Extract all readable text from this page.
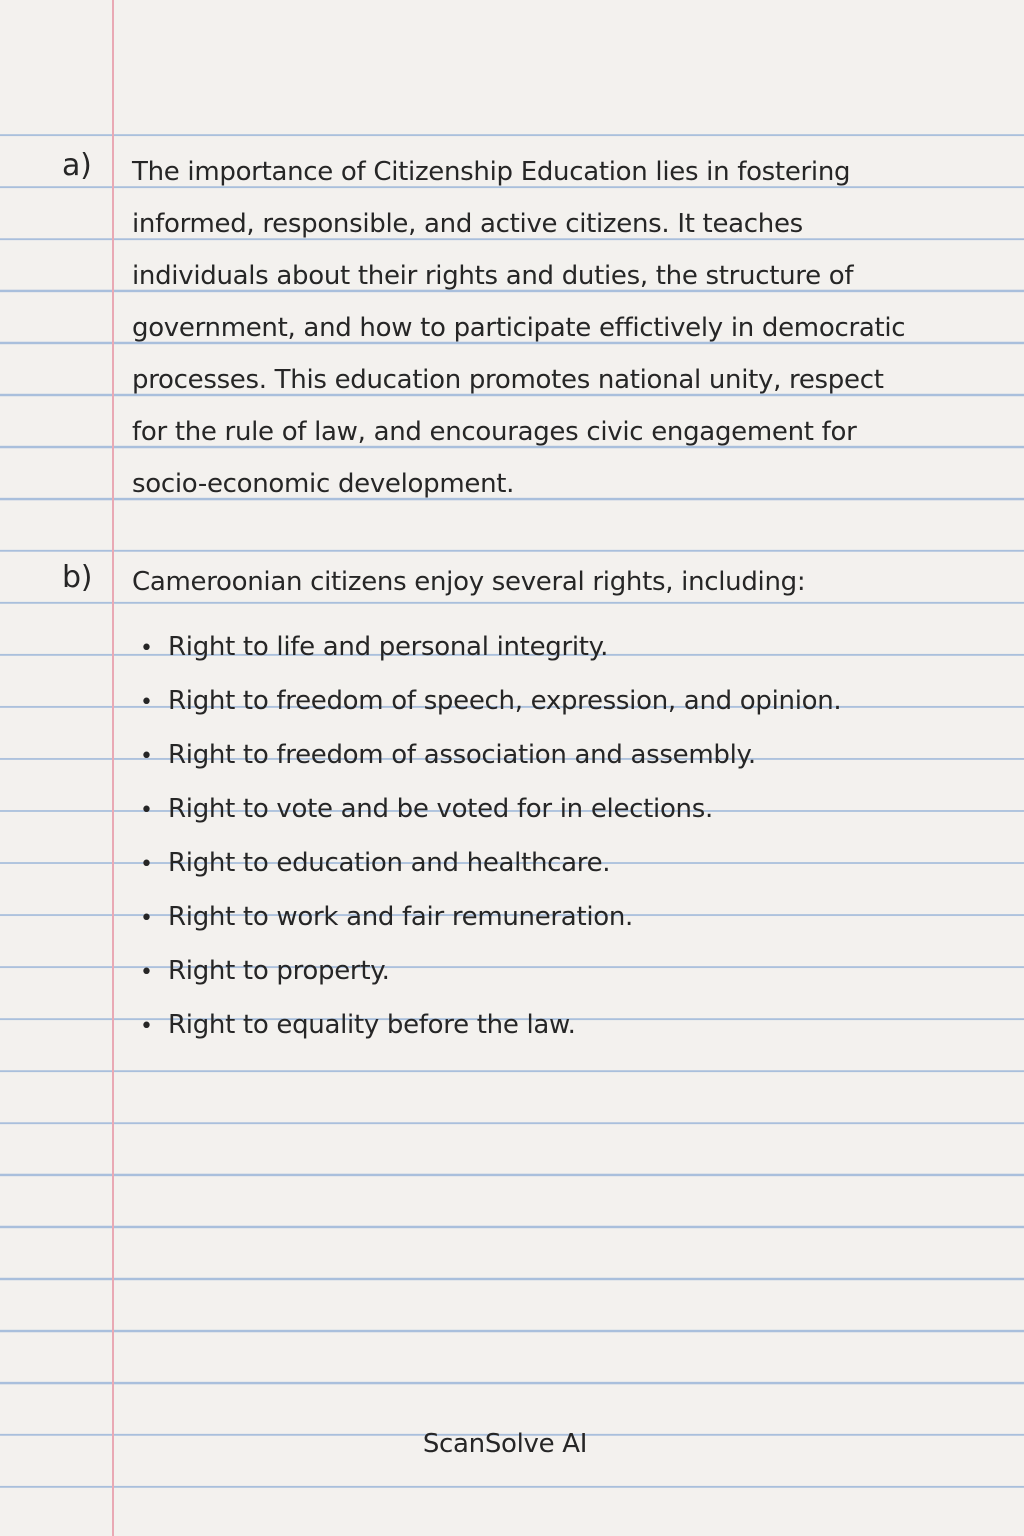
a) The importance of Citizenship Education lies in fostering
informed, responsible, and active citizens. It teaches
individuals about their rights and duties, the structure of
government, and how to participate effictively in democratic
processes. This education promotes national unity, respect
for the rule of law, and encourages civic engagement for
socio-economic development.
b) Cameroonian citizens enjoy several rights, including:
• Right to life and personal integrity.
• Right to freedom of speech, expression, and opinion.
• Right to freedom of association and assembly.
• Right to vote and be voted for in elections.
• Right to education and healthcare.
• Right to work and fair remuneration.
• Right to property.
• Right to equality before the law.
ScanSolve AI
